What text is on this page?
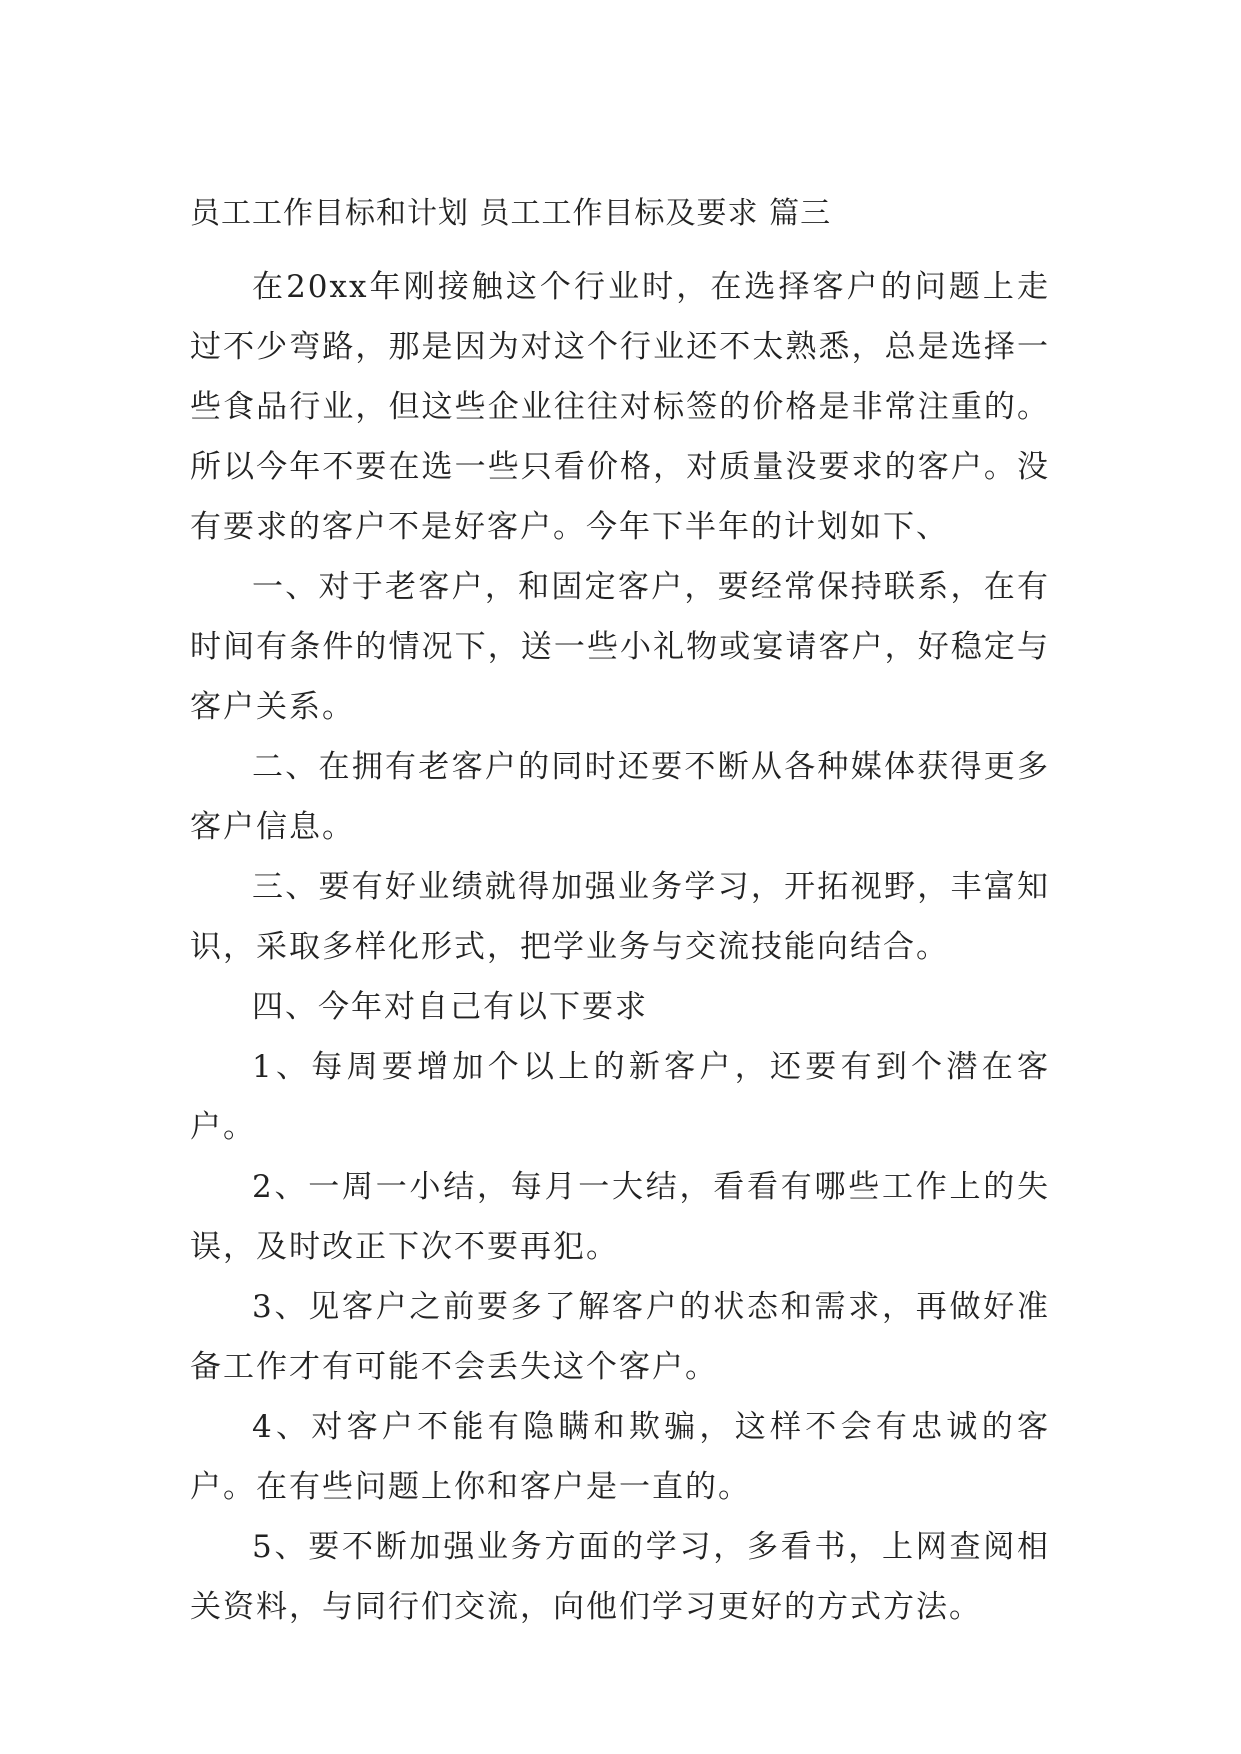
员工工作目标和计划 员工工作目标及要求 篇三

在20xx年刚接触这个行业时，在选择客户的问题上走过不少弯路，那是因为对这个行业还不太熟悉，总是选择一些食品行业，但这些企业往往对标签的价格是非常注重的。所以今年不要在选一些只看价格，对质量没要求的客户。没有要求的客户不是好客户。今年下半年的计划如下、

一、对于老客户，和固定客户，要经常保持联系，在有时间有条件的情况下，送一些小礼物或宴请客户，好稳定与客户关系。

二、在拥有老客户的同时还要不断从各种媒体获得更多客户信息。

三、要有好业绩就得加强业务学习，开拓视野，丰富知识，采取多样化形式，把学业务与交流技能向结合。

四、今年对自己有以下要求

1、每周要增加个以上的新客户，还要有到个潜在客户。

2、一周一小结，每月一大结，看看有哪些工作上的失误，及时改正下次不要再犯。

3、见客户之前要多了解客户的状态和需求，再做好准备工作才有可能不会丢失这个客户。

4、对客户不能有隐瞒和欺骗，这样不会有忠诚的客户。在有些问题上你和客户是一直的。

5、要不断加强业务方面的学习，多看书，上网查阅相关资料，与同行们交流，向他们学习更好的方式方法。
